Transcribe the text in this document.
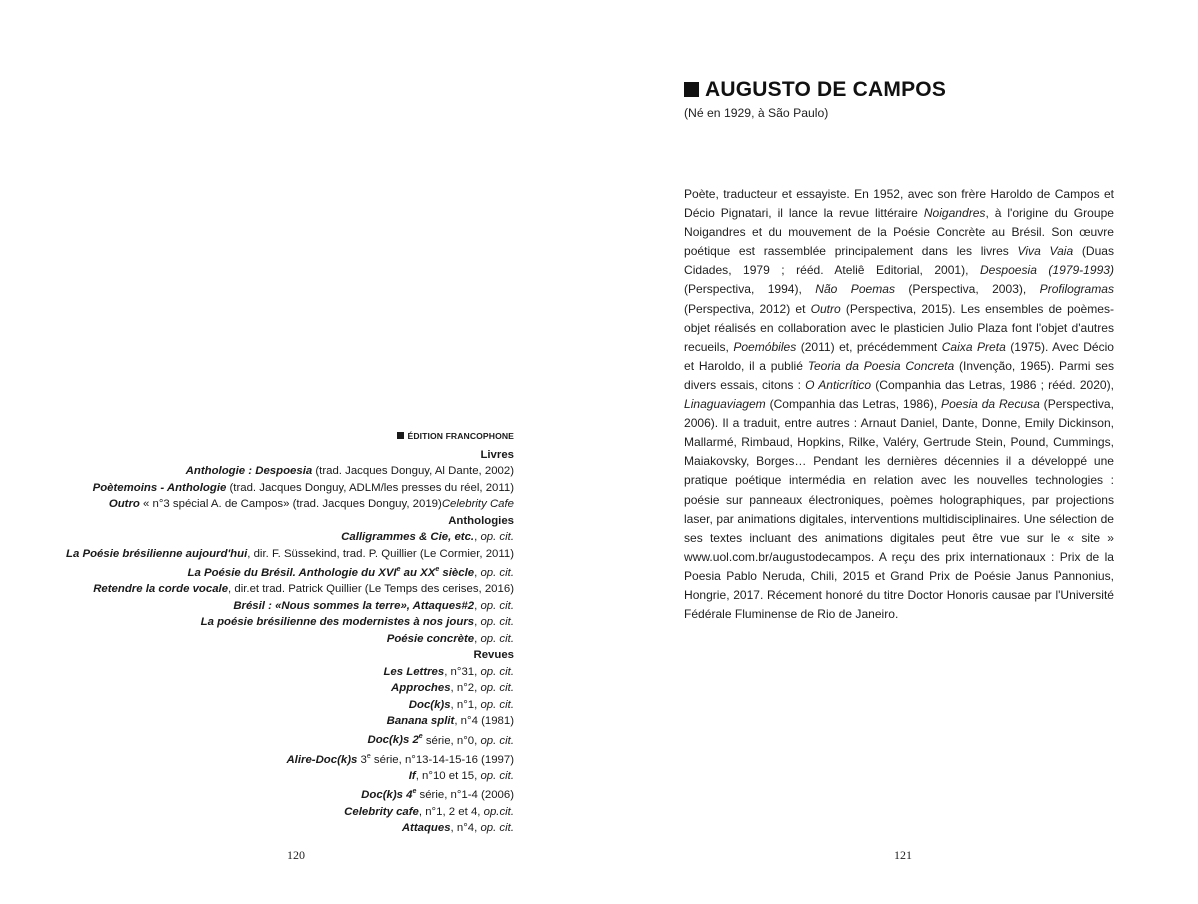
ÉDITION FRANCOPHONE
Livres
Anthologie : Despoesia (trad. Jacques Donguy, Al Dante, 2002)
Poètemoins - Anthologie (trad. Jacques Donguy, ADLM/les presses du réel, 2011)
Outro « n°3 spécial A. de Campos» (trad. Jacques Donguy, 2019)Celebrity Cafe
Anthologies
Calligrammes & Cie, etc., op. cit.
La Poésie brésilienne aujourd'hui, dir. F. Süssekind, trad. P. Quillier (Le Cormier, 2011)
La Poésie du Brésil. Anthologie du XVIe au XXe siècle, op. cit.
Retendre la corde vocale, dir.et trad. Patrick Quillier (Le Temps des cerises, 2016)
Brésil : «Nous sommes la terre», Attaques#2, op. cit.
La poésie brésilienne des modernistes à nos jours, op. cit.
Poésie concrète, op. cit.
Revues
Les Lettres, n°31, op. cit.
Approches, n°2, op. cit.
Doc(k)s, n°1, op. cit.
Banana split, n°4 (1981)
Doc(k)s 2e série, n°0, op. cit.
Alire-Doc(k)s 3e série, n°13-14-15-16 (1997)
If, n°10 et 15, op. cit.
Doc(k)s 4e série, n°1-4 (2006)
Celebrity cafe, n°1, 2 et 4, op.cit.
Attaques, n°4, op. cit.
120
AUGUSTO DE CAMPOS
(Né en 1929, à São Paulo)
Poète, traducteur et essayiste. En 1952, avec son frère Haroldo de Campos et Décio Pignatari, il lance la revue littéraire Noigandres, à l'origine du Groupe Noigandres et du mouvement de la Poésie Concrète au Brésil. Son œuvre poétique est rassemblée principalement dans les livres Viva Vaia (Duas Cidades, 1979 ; rééd. Ateliê Editorial, 2001), Despoesia (1979-1993) (Perspectiva, 1994), Não Poemas (Perspectiva, 2003), Profilogramas (Perspectiva, 2012) et Outro (Perspectiva, 2015). Les ensembles de poèmes-objet réalisés en collaboration avec le plasticien Julio Plaza font l'objet d'autres recueils, Poemóbiles (2011) et, précédemment Caixa Preta (1975). Avec Décio et Haroldo, il a publié Teoria da Poesia Concreta (Invenção, 1965). Parmi ses divers essais, citons : O Anticrítico (Companhia das Letras, 1986 ; rééd. 2020), Linaguaviagem (Companhia das Letras, 1986), Poesia da Recusa (Perspectiva, 2006). Il a traduit, entre autres : Arnaut Daniel, Dante, Donne, Emily Dickinson, Mallarmé, Rimbaud, Hopkins, Rilke, Valéry, Gertrude Stein, Pound, Cummings, Maiakovsky, Borges… Pendant les dernières décennies il a développé une pratique poétique intermédia en relation avec les nouvelles technologies : poésie sur panneaux électroniques, poèmes holographiques, par projections laser, par animations digitales, interventions multidisciplinaires. Une sélection de ses textes incluant des animations digitales peut être vue sur le « site » www.uol.com.br/augustodecampos. A reçu des prix internationaux : Prix de la Poesia Pablo Neruda, Chili, 2015 et Grand Prix de Poésie Janus Pannonius, Hongrie, 2017. Récement honoré du titre Doctor Honoris causae par l'Université Fédérale Fluminense de Rio de Janeiro.
121
